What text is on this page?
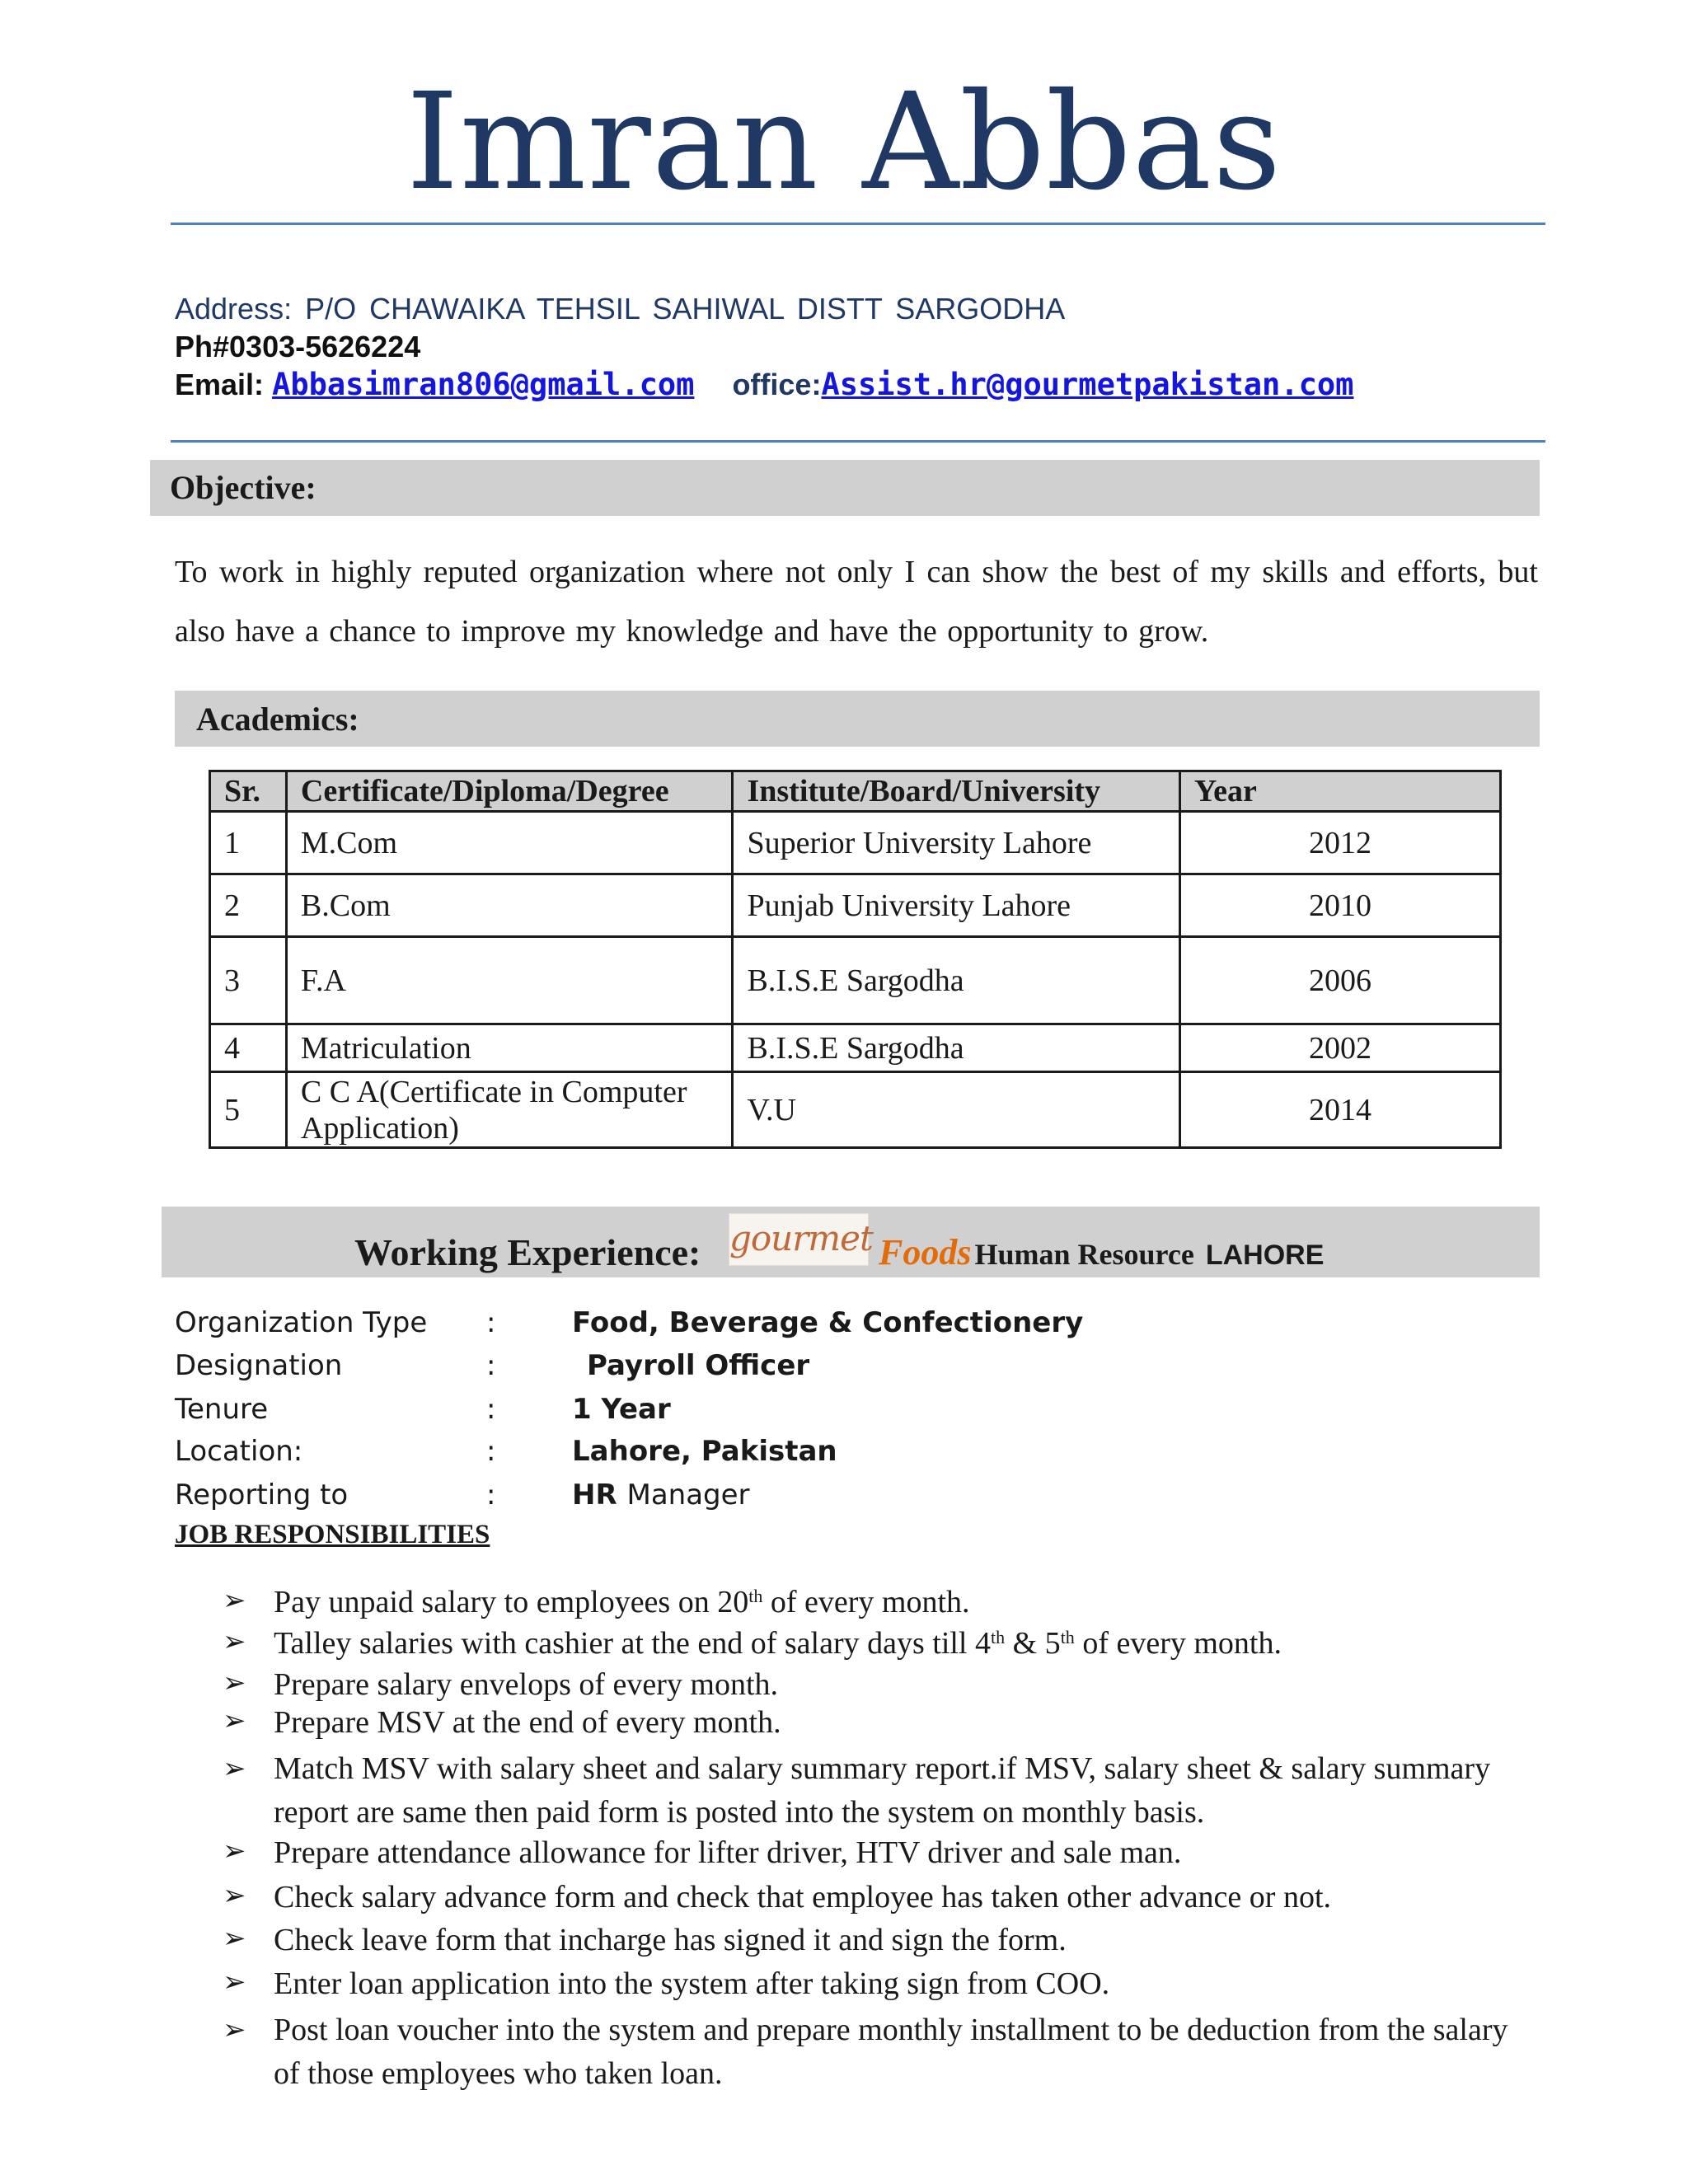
Imran Abbas
Address: P/O CHAWAIKA TEHSIL SAHIWAL DISTT SARGODHA
Ph#0303-5626224
Email: Abbasimran806@gmail.com office:Assist.hr@gourmetpakistan.com
Objective:
To work in highly reputed organization where not only I can show the best of my skills and efforts, but also have a chance to improve my knowledge and have the opportunity to grow.
Academics:
Sr.	Certificate/Diploma/Degree	Institute/Board/University	Year
1	M.Com	Superior University Lahore	2012
2	B.Com	Punjab University Lahore	2010
3	F.A	B.I.S.E Sargodha	2006
4	Matriculation	B.I.S.E Sargodha	2002
5	C C A(Certificate in Computer Application)	V.U	2014
Working Experience: gourmet Foods Human Resource LAHORE
Organization Type :	Food, Beverage & Confectionery
Designation	:	Payroll Officer
Tenure	:	1 Year
Location:	:	Lahore, Pakistan
Reporting to	:	HR Manager
JOB RESPONSIBILITIES
➢ Pay unpaid salary to employees on 20th of every month.
➢ Talley salaries with cashier at the end of salary days till 4th & 5th of every month.
➢ Prepare salary envelops of every month.
➢ Prepare MSV at the end of every month.
➢ Match MSV with salary sheet and salary summary report.if MSV, salary sheet & salary summary report are same then paid form is posted into the system on monthly basis.
➢ Prepare attendance allowance for lifter driver, HTV driver and sale man.
➢ Check salary advance form and check that employee has taken other advance or not.
➢ Check leave form that incharge has signed it and sign the form.
➢ Enter loan application into the system after taking sign from COO.
➢ Post loan voucher into the system and prepare monthly installment to be deduction from the salary of those employees who taken loan.
